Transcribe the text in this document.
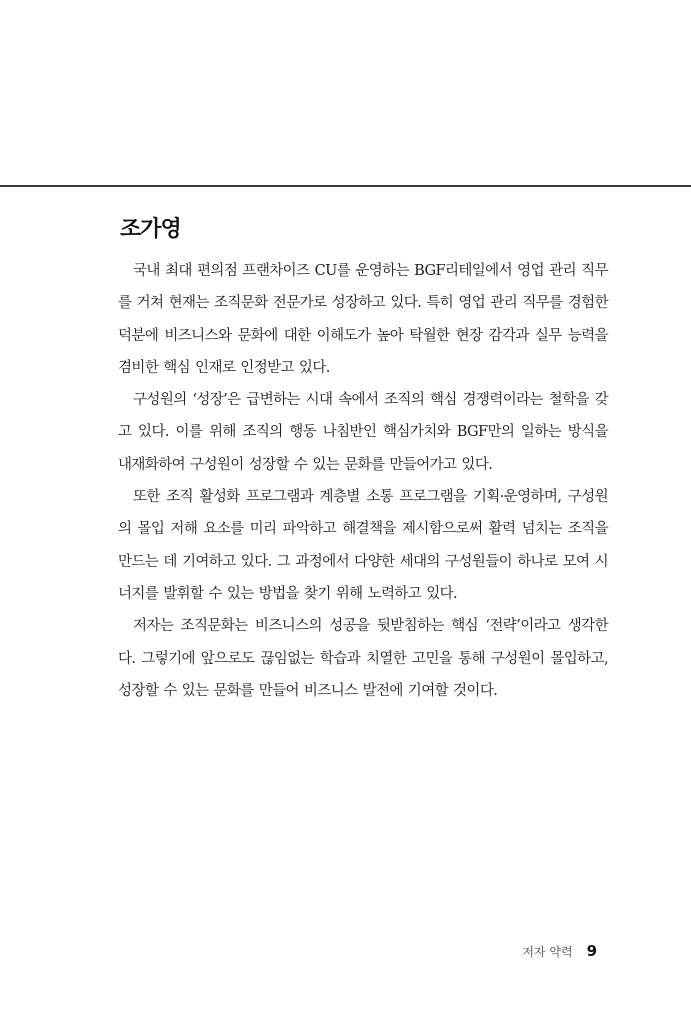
조가영

국내 최대 편의점 프랜차이즈 CU를 운영하는 BGF리테일에서 영업 관리 직무를 거쳐 현재는 조직문화 전문가로 성장하고 있다. 특히 영업 관리 직무를 경험한 덕분에 비즈니스와 문화에 대한 이해도가 높아 탁월한 현장 감각과 실무 능력을 겸비한 핵심 인재로 인정받고 있다.

구성원의 ‘성장’은 급변하는 시대 속에서 조직의 핵심 경쟁력이라는 철학을 갖고 있다. 이를 위해 조직의 행동 나침반인 핵심가치와 BGF만의 일하는 방식을 내재화하여 구성원이 성장할 수 있는 문화를 만들어가고 있다.

또한 조직 활성화 프로그램과 계층별 소통 프로그램을 기획·운영하며, 구성원의 몰입 저해 요소를 미리 파악하고 해결책을 제시함으로써 활력 넘치는 조직을 만드는 데 기여하고 있다. 그 과정에서 다양한 세대의 구성원들이 하나로 모여 시너지를 발휘할 수 있는 방법을 찾기 위해 노력하고 있다.

저자는 조직문화는 비즈니스의 성공을 뒷받침하는 핵심 ‘전략’이라고 생각한다. 그렇기에 앞으로도 끊임없는 학습과 치열한 고민을 통해 구성원이 몰입하고, 성장할 수 있는 문화를 만들어 비즈니스 발전에 기여할 것이다.

저자 약력 9
